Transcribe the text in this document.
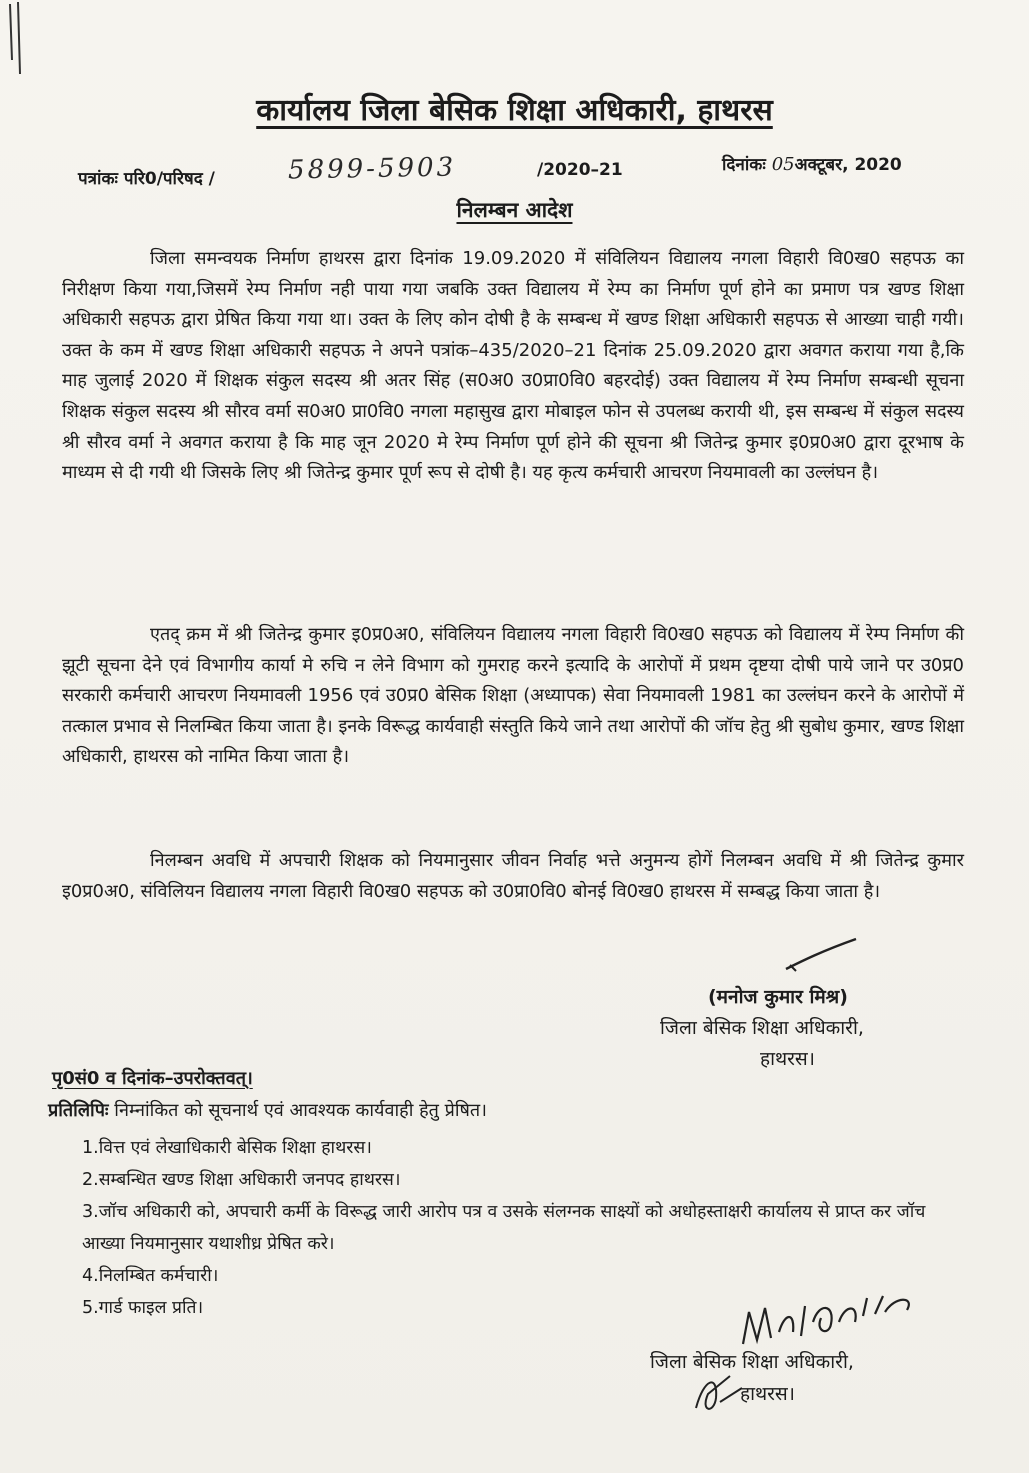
कार्यालय जिला बेसिक शिक्षा अधिकारी, हाथरस
पत्रांकः परि0/परिषद /	5899-5903	/2020–21	दिनांकः 05अक्टूबर, 2020
निलम्बन आदेश
जिला समन्वयक निर्माण हाथरस द्वारा दिनांक 19.09.2020 में संविलियन विद्यालय नगला विहारी वि0ख0 सहपऊ का निरीक्षण किया गया,जिसमें रेम्प निर्माण नही पाया गया जबकि उक्त विद्यालय में रेम्प का निर्माण पूर्ण होने का प्रमाण पत्र खण्ड शिक्षा अधिकारी सहपऊ द्वारा प्रेषित किया गया था। उक्त के लिए कोन दोषी है के सम्बन्ध में खण्ड शिक्षा अधिकारी सहपऊ से आख्या चाही गयी। उक्त के कम में खण्ड शिक्षा अधिकारी सहपऊ ने अपने पत्रांक–435/2020–21 दिनांक 25.09.2020 द्वारा अवगत कराया गया है,कि माह जुलाई 2020 में शिक्षक संकुल सदस्य श्री अतर सिंह (स0अ0 उ0प्रा0वि0 बहरदोई) उक्त विद्यालय में रेम्प निर्माण सम्बन्धी सूचना शिक्षक संकुल सदस्य श्री सौरव वर्मा स0अ0 प्रा0वि0 नगला महासुख द्वारा मोबाइल फोन से उपलब्ध करायी थी, इस सम्बन्ध में संकुल सदस्य श्री सौरव वर्मा ने अवगत कराया है कि माह जून 2020 मे रेम्प निर्माण पूर्ण होने की सूचना श्री जितेन्द्र कुमार इ0प्र0अ0 द्वारा दूरभाष के माध्यम से दी गयी थी जिसके लिए श्री जितेन्द्र कुमार पूर्ण रूप से दोषी है। यह कृत्य कर्मचारी आचरण नियमावली का उल्लंघन है।
एतद् क्रम में श्री जितेन्द्र कुमार इ0प्र0अ0, संविलियन विद्यालय नगला विहारी वि0ख0 सहपऊ को विद्यालय में रेम्प निर्माण की झूटी सूचना देने एवं विभागीय कार्या मे रुचि न लेने विभाग को गुमराह करने इत्यादि के आरोपों में प्रथम दृष्टया दोषी पाये जाने पर उ0प्र0 सरकारी कर्मचारी आचरण नियमावली 1956 एवं उ0प्र0 बेसिक शिक्षा (अध्यापक) सेवा नियमावली 1981 का उल्लंघन करने के आरोपों में तत्काल प्रभाव से निलम्बित किया जाता है। इनके विरूद्ध कार्यवाही संस्तुति किये जाने तथा आरोपों की जॉच हेतु श्री सुबोध कुमार, खण्ड शिक्षा अधिकारी, हाथरस को नामित किया जाता है।
निलम्बन अवधि में अपचारी शिक्षक को नियमानुसार जीवन निर्वाह भत्ते अनुमन्य होगें निलम्बन अवधि में श्री जितेन्द्र कुमार इ0प्र0अ0, संविलियन विद्यालय नगला विहारी वि0ख0 सहपऊ को उ0प्रा0वि0 बोनई वि0ख0 हाथरस में सम्बद्ध किया जाता है।
(मनोज कुमार मिश्र)
जिला बेसिक शिक्षा अधिकारी,
हाथरस।
पृ0सं0 व दिनांक–उपरोक्तवत्।
प्रतिलिपिः निम्नांकित को सूचनार्थ एवं आवश्यक कार्यवाही हेतु प्रेषित।
1.वित्त एवं लेखाधिकारी बेसिक शिक्षा हाथरस।
2.सम्बन्धित खण्ड शिक्षा अधिकारी जनपद हाथरस।
3.जॉच अधिकारी को, अपचारी कर्मी के विरूद्ध जारी आरोप पत्र व उसके संलग्नक साक्ष्यों को अधोहस्ताक्षरी कार्यालय से प्राप्त कर जॉच आख्या नियमानुसार यथाशीध्र प्रेषित करे।
4.निलम्बित कर्मचारी।
5.गार्ड फाइल प्रति।
जिला बेसिक शिक्षा अधिकारी,
हाथरस।
